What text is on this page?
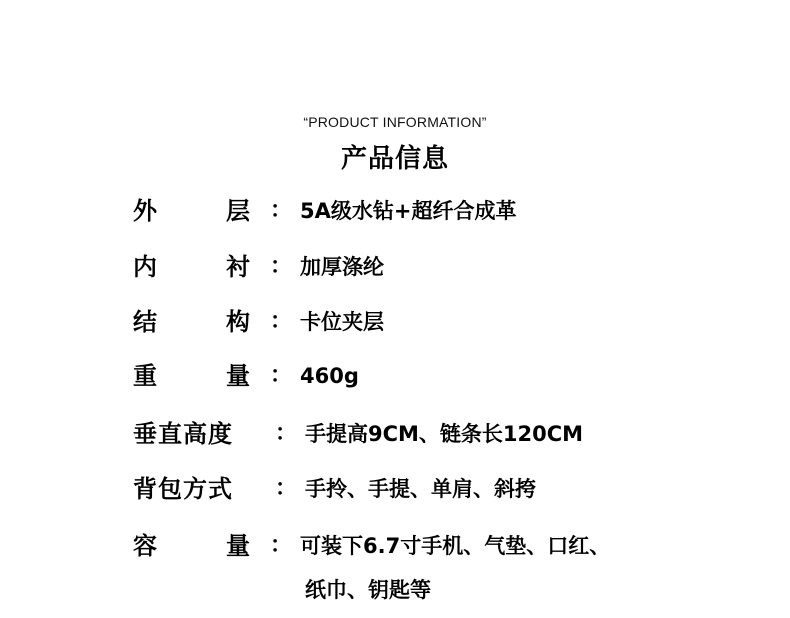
“PRODUCT INFORMATION”
产品信息
外	层 ： 5A级水钻+超纤合成革
内	衬 ： 加厚涤纶
结	构 ： 卡位夹层
重	量 ： 460g
垂直高度 ： 手提高9CM、链条长120CM
背包方式 ： 手拎、手提、单肩、斜挎
容	量 ： 可装下6.7寸手机、气垫、口红、
纸巾、钥匙等
